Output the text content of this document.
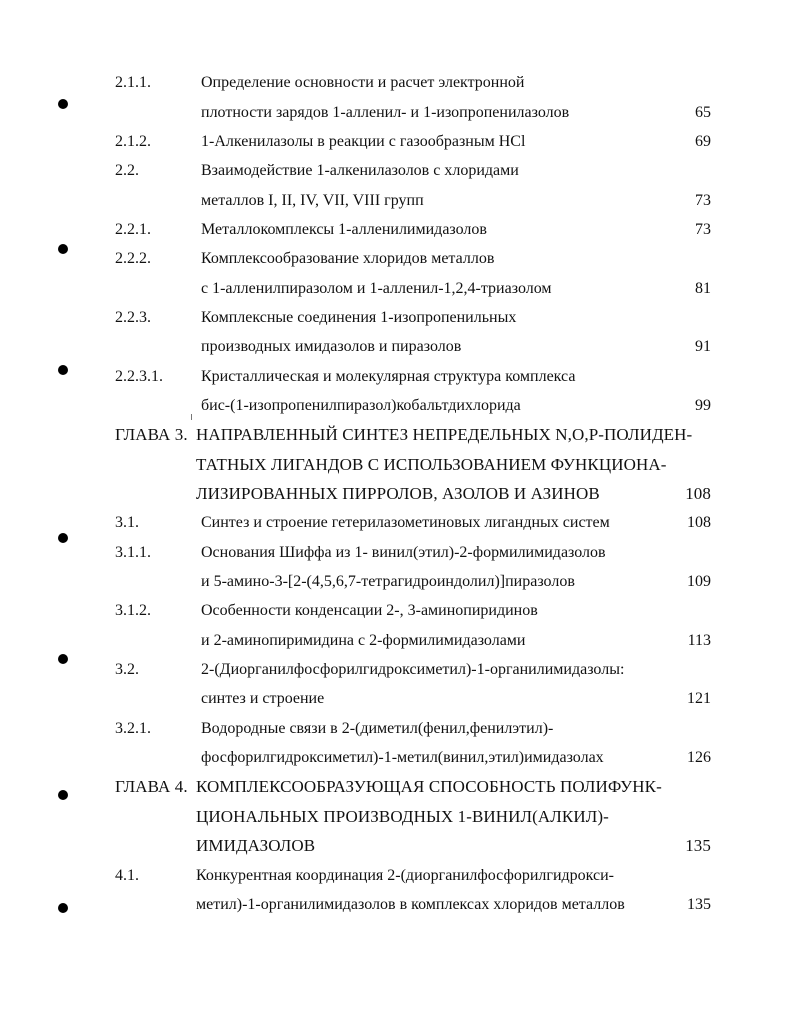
2.1.1.	Определение основности и расчет электронной
плотности зарядов 1-алленил- и 1-изопропенилазолов	65
2.1.2.	1-Алкенилазолы в реакции с газообразным HCl	69
2.2.	Взаимодействие 1-алкенилазолов с хлоридами
металлов I, II, IV, VII, VIII групп	73
2.2.1.	Металлокомплексы 1-алленилимидазолов	73
2.2.2.	Комплексообразование хлоридов металлов
с 1-алленилпиразолом и 1-алленил-1,2,4-триазолом	81
2.2.3.	Комплексные соединения 1-изопропенильных
производных имидазолов и пиразолов	91
2.2.3.1. Кристаллическая и молекулярная структура комплекса
бис-(1-изопропенилпиразол)кобальтдихлорида	99
ГЛАВА 3. НАПРАВЛЕННЫЙ СИНТЕЗ НЕПРЕДЕЛЬНЫХ N,O,P-ПОЛИДЕН-
ТАТНЫХ ЛИГАНДОВ С ИСПОЛЬЗОВАНИЕМ ФУНКЦИОНА-
ЛИЗИРОВАННЫХ ПИРРОЛОВ, АЗОЛОВ И АЗИНОВ	108
3.1.	Синтез и строение гетерилазометиновых лигандных систем	108
3.1.1.	Основания Шиффа из 1- винил(этил)-2-формилимидазолов
и 5-амино-3-[2-(4,5,6,7-тетрагидроиндолил)]пиразолов	109
3.1.2.	Особенности конденсации 2-, 3-аминопиридинов
и 2-аминопиримидина с 2-формилимидазолами	113
3.2.	2-(Диорганилфосфорилгидроксиметил)-1-органилимидазолы:
синтез и строение	121
3.2.1.	Водородные связи в 2-(диметил(фенил,фенилэтил)-
фосфорилгидроксиметил)-1-метил(винил,этил)имидазолах	126
ГЛАВА 4. КОМПЛЕКСООБРАЗУЮЩАЯ СПОСОБНОСТЬ ПОЛИФУНК-
ЦИОНАЛЬНЫХ ПРОИЗВОДНЫХ 1-ВИНИЛ(АЛКИЛ)-
ИМИДАЗОЛОВ	135
4.1.	Конкурентная координация 2-(диорганилфосфорилгидрокси-
метил)-1-органилимидазолов в комплексах хлоридов металлов	135
